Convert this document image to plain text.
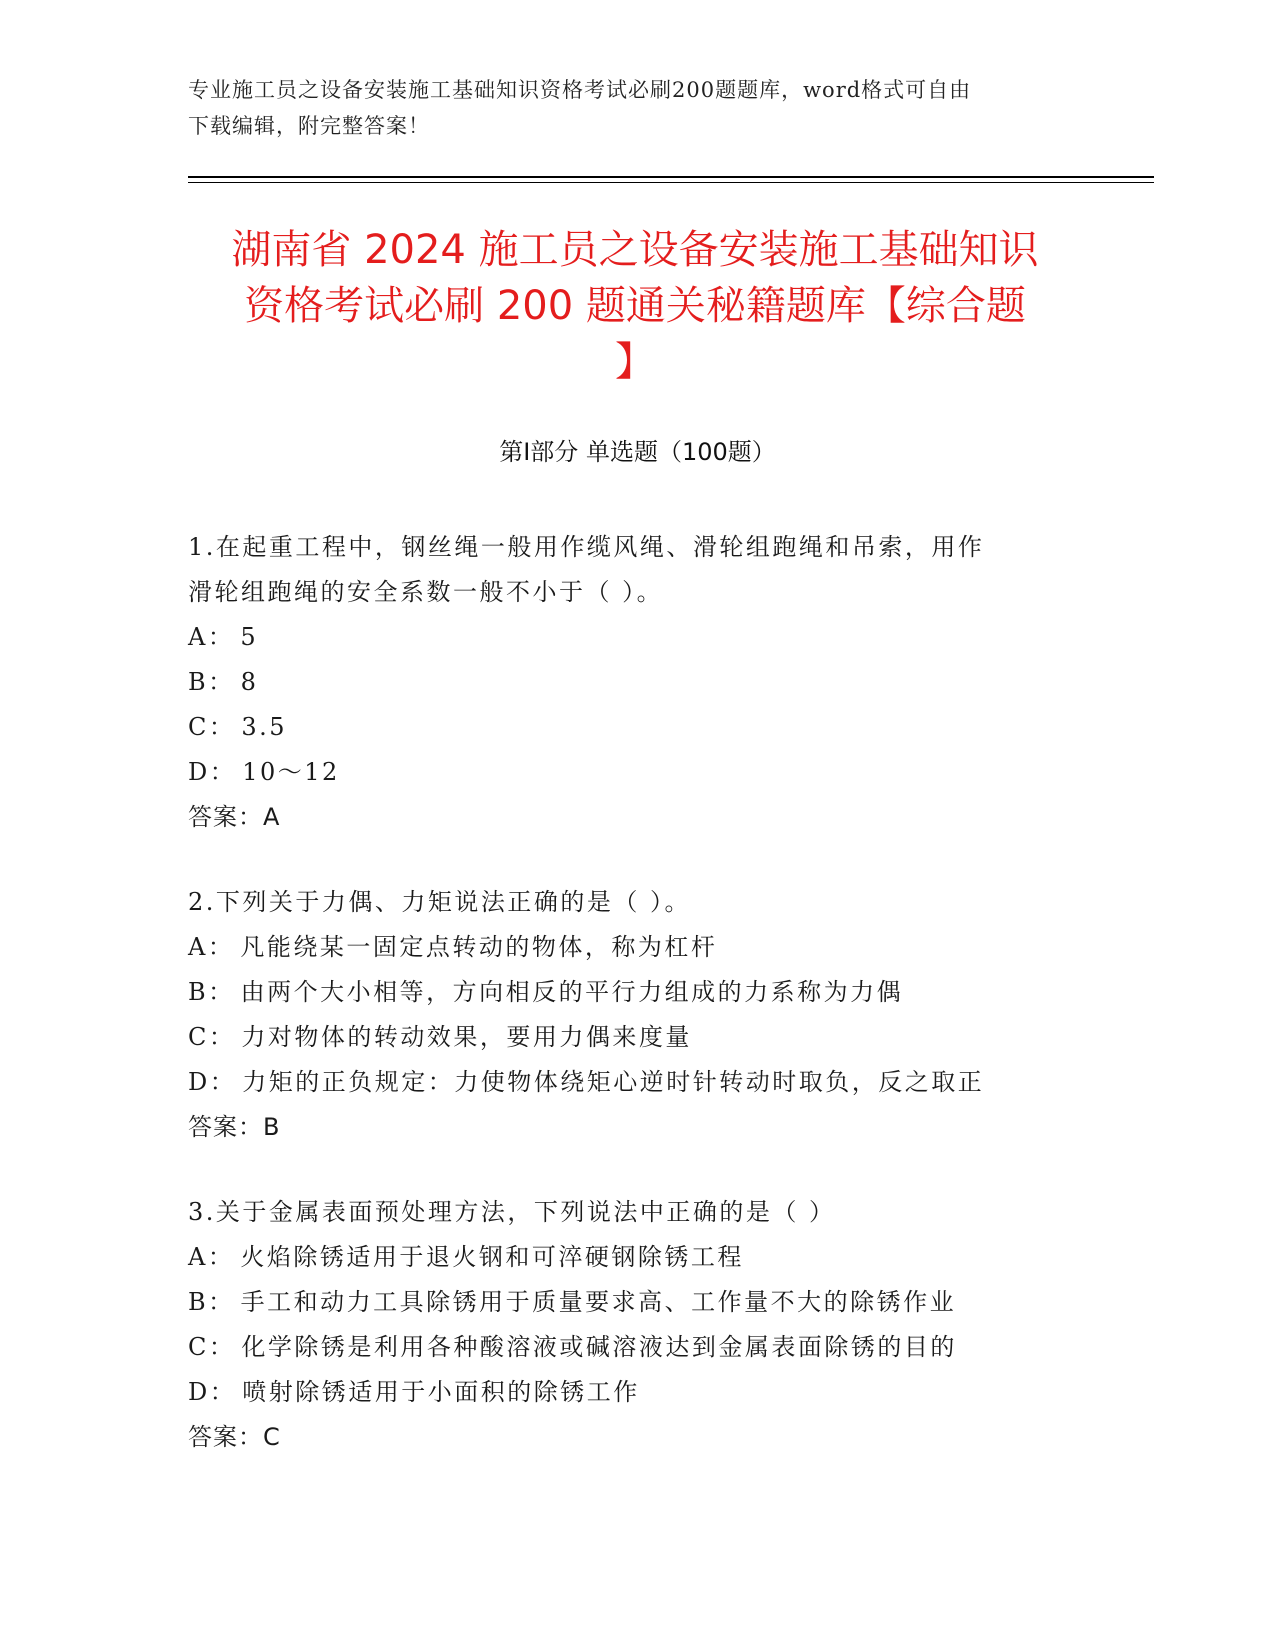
专业施工员之设备安装施工基础知识资格考试必刷200题题库，word格式可自由
下载编辑，附完整答案！
湖南省 2024 施工员之设备安装施工基础知识
资格考试必刷 200 题通关秘籍题库【综合题
】
第Ⅰ部分 单选题（100题）

1.在起重工程中，钢丝绳一般用作缆风绳、滑轮组跑绳和吊索，用作

滑轮组跑绳的安全系数一般不小于（ ）。

A： 5

B： 8

C： 3.5

D： 10～12

答案：A

2.下列关于力偶、力矩说法正确的是（ ）。

A： 凡能绕某一固定点转动的物体，称为杠杆

B： 由两个大小相等，方向相反的平行力组成的力系称为力偶

C： 力对物体的转动效果，要用力偶来度量

D： 力矩的正负规定：力使物体绕矩心逆时针转动时取负，反之取正

答案：B

3.关于金属表面预处理方法，下列说法中正确的是（ ）

A： 火焰除锈适用于退火钢和可淬硬钢除锈工程

B： 手工和动力工具除锈用于质量要求高、工作量不大的除锈作业

C： 化学除锈是利用各种酸溶液或碱溶液达到金属表面除锈的目的

D： 喷射除锈适用于小面积的除锈工作

答案：C
